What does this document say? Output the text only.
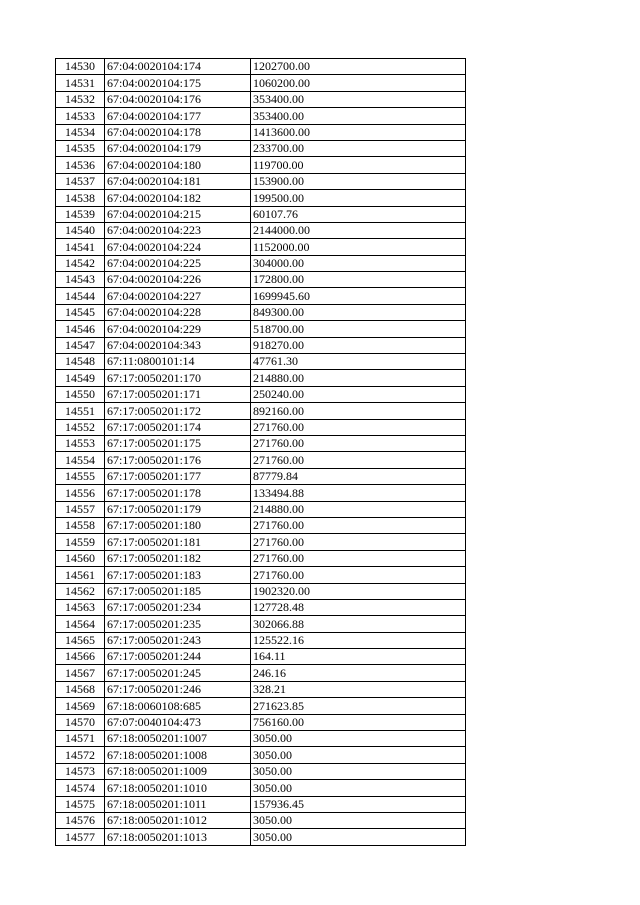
14530	67:04:0020104:174	1202700.00
14531	67:04:0020104:175	1060200.00
14532	67:04:0020104:176	353400.00
14533	67:04:0020104:177	353400.00
14534	67:04:0020104:178	1413600.00
14535	67:04:0020104:179	233700.00
14536	67:04:0020104:180	119700.00
14537	67:04:0020104:181	153900.00
14538	67:04:0020104:182	199500.00
14539	67:04:0020104:215	60107.76
14540	67:04:0020104:223	2144000.00
14541	67:04:0020104:224	1152000.00
14542	67:04:0020104:225	304000.00
14543	67:04:0020104:226	172800.00
14544	67:04:0020104:227	1699945.60
14545	67:04:0020104:228	849300.00
14546	67:04:0020104:229	518700.00
14547	67:04:0020104:343	918270.00
14548	67:11:0800101:14	47761.30
14549	67:17:0050201:170	214880.00
14550	67:17:0050201:171	250240.00
14551	67:17:0050201:172	892160.00
14552	67:17:0050201:174	271760.00
14553	67:17:0050201:175	271760.00
14554	67:17:0050201:176	271760.00
14555	67:17:0050201:177	87779.84
14556	67:17:0050201:178	133494.88
14557	67:17:0050201:179	214880.00
14558	67:17:0050201:180	271760.00
14559	67:17:0050201:181	271760.00
14560	67:17:0050201:182	271760.00
14561	67:17:0050201:183	271760.00
14562	67:17:0050201:185	1902320.00
14563	67:17:0050201:234	127728.48
14564	67:17:0050201:235	302066.88
14565	67:17:0050201:243	125522.16
14566	67:17:0050201:244	164.11
14567	67:17:0050201:245	246.16
14568	67:17:0050201:246	328.21
14569	67:18:0060108:685	271623.85
14570	67:07:0040104:473	756160.00
14571	67:18:0050201:1007	3050.00
14572	67:18:0050201:1008	3050.00
14573	67:18:0050201:1009	3050.00
14574	67:18:0050201:1010	3050.00
14575	67:18:0050201:1011	157936.45
14576	67:18:0050201:1012	3050.00
14577	67:18:0050201:1013	3050.00
